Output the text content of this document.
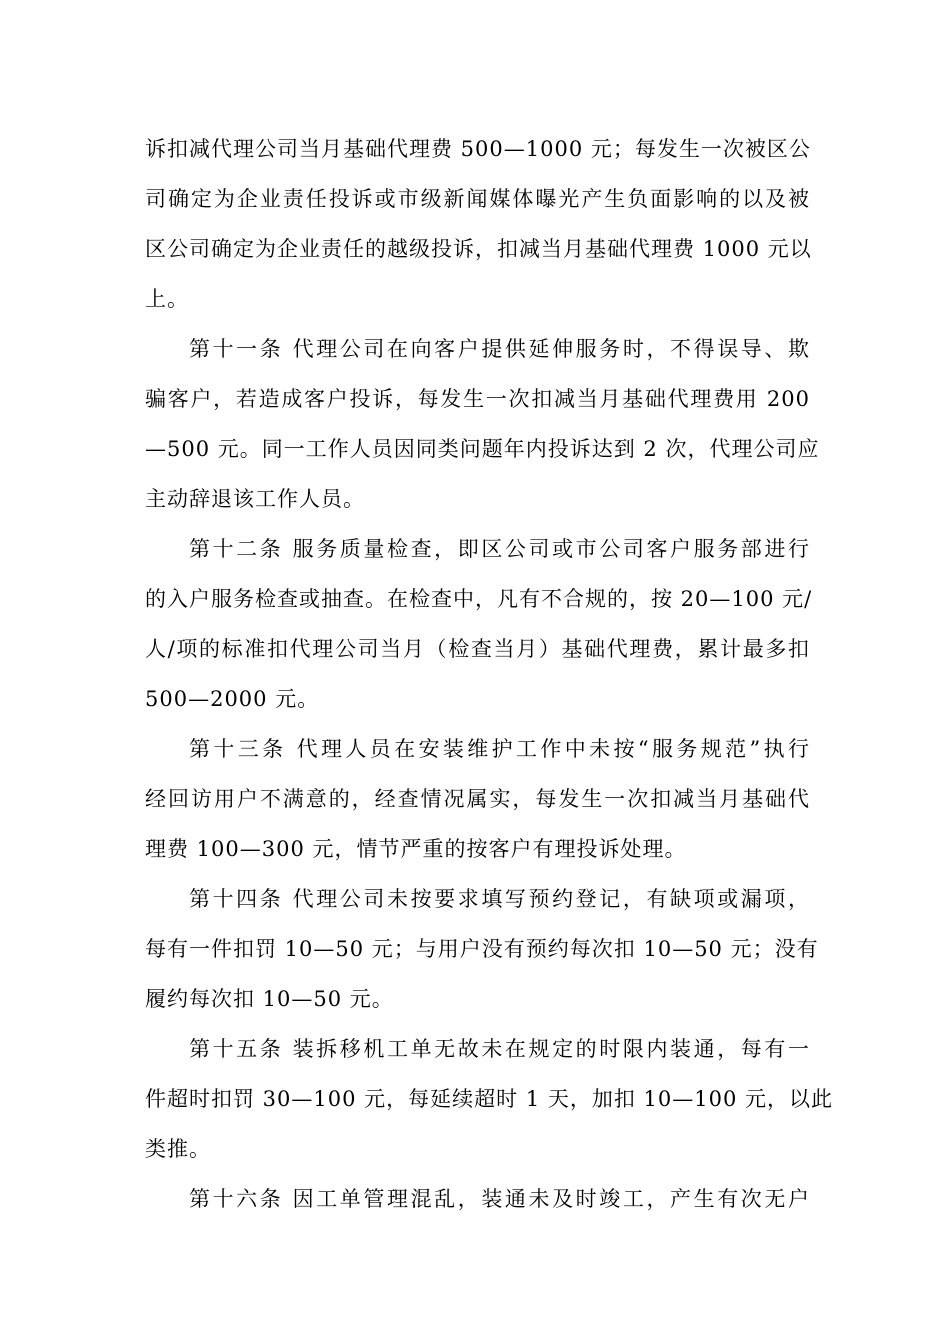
诉扣减代理公司当月基础代理费 500—1000 元；每发生一次被区公
司确定为企业责任投诉或市级新闻媒体曝光产生负面影响的以及被
区公司确定为企业责任的越级投诉，扣减当月基础代理费 1000 元以
上。
第十一条 代理公司在向客户提供延伸服务时，不得误导、欺
骗客户，若造成客户投诉，每发生一次扣减当月基础代理费用 200
—500 元。同一工作人员因同类问题年内投诉达到 2 次，代理公司应
主动辞退该工作人员。
第十二条 服务质量检查，即区公司或市公司客户服务部进行
的入户服务检查或抽查。在检查中，凡有不合规的，按 20—100 元/
人/项的标准扣代理公司当月（检查当月）基础代理费，累计最多扣
500—2000 元。
第十三条 代理人员在安装维护工作中未按“服务规范”执行
经回访用户不满意的，经查情况属实，每发生一次扣减当月基础代
理费 100—300 元，情节严重的按客户有理投诉处理。
第十四条 代理公司未按要求填写预约登记，有缺项或漏项，
每有一件扣罚 10—50 元；与用户没有预约每次扣 10—50 元；没有
履约每次扣 10—50 元。
第十五条 装拆移机工单无故未在规定的时限内装通，每有一
件超时扣罚 30—100 元，每延续超时 1 天，加扣 10—100 元，以此
类推。
第十六条 因工单管理混乱，装通未及时竣工，产生有次无户
